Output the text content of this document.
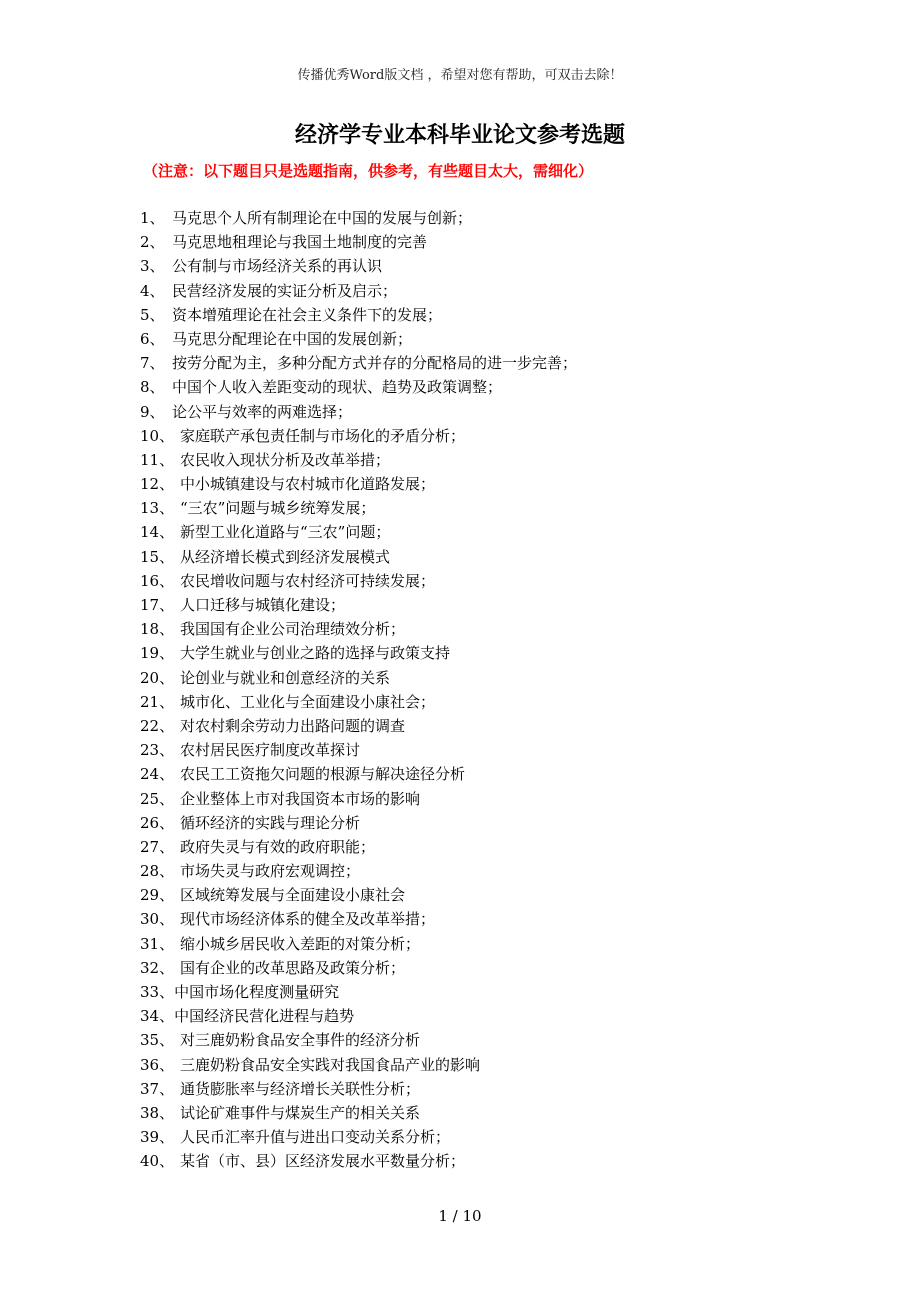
传播优秀Word版文档 ，希望对您有帮助，可双击去除！
经济学专业本科毕业论文参考选题
（注意：以下题目只是选题指南，供参考，有些题目太大，需细化）
1、 马克思个人所有制理论在中国的发展与创新；
2、 马克思地租理论与我国土地制度的完善
3、 公有制与市场经济关系的再认识
4、 民营经济发展的实证分析及启示；
5、 资本增殖理论在社会主义条件下的发展；
6、 马克思分配理论在中国的发展创新；
7、 按劳分配为主，多种分配方式并存的分配格局的进一步完善；
8、 中国个人收入差距变动的现状、趋势及政策调整；
9、 论公平与效率的两难选择；
10、 家庭联产承包责任制与市场化的矛盾分析；
11、 农民收入现状分析及改革举措；
12、 中小城镇建设与农村城市化道路发展；
13、 “三农”问题与城乡统筹发展；
14、 新型工业化道路与“三农”问题；
15、 从经济增长模式到经济发展模式
16、 农民增收问题与农村经济可持续发展；
17、 人口迁移与城镇化建设；
18、 我国国有企业公司治理绩效分析；
19、 大学生就业与创业之路的选择与政策支持
20、 论创业与就业和创意经济的关系
21、 城市化、工业化与全面建设小康社会；
22、 对农村剩余劳动力出路问题的调查
23、 农村居民医疗制度改革探讨
24、 农民工工资拖欠问题的根源与解决途径分析
25、 企业整体上市对我国资本市场的影响
26、 循环经济的实践与理论分析
27、 政府失灵与有效的政府职能；
28、 市场失灵与政府宏观调控；
29、 区域统筹发展与全面建设小康社会
30、 现代市场经济体系的健全及改革举措；
31、 缩小城乡居民收入差距的对策分析；
32、 国有企业的改革思路及政策分析；
33、 中国市场化程度测量研究
34、 中国经济民营化进程与趋势
35、 对三鹿奶粉食品安全事件的经济分析
36、 三鹿奶粉食品安全实践对我国食品产业的影响
37、 通货膨胀率与经济增长关联性分析；
38、 试论矿难事件与煤炭生产的相关关系
39、 人民币汇率升值与进出口变动关系分析；
40、 某省（市、县）区经济发展水平数量分析；
1 / 10
